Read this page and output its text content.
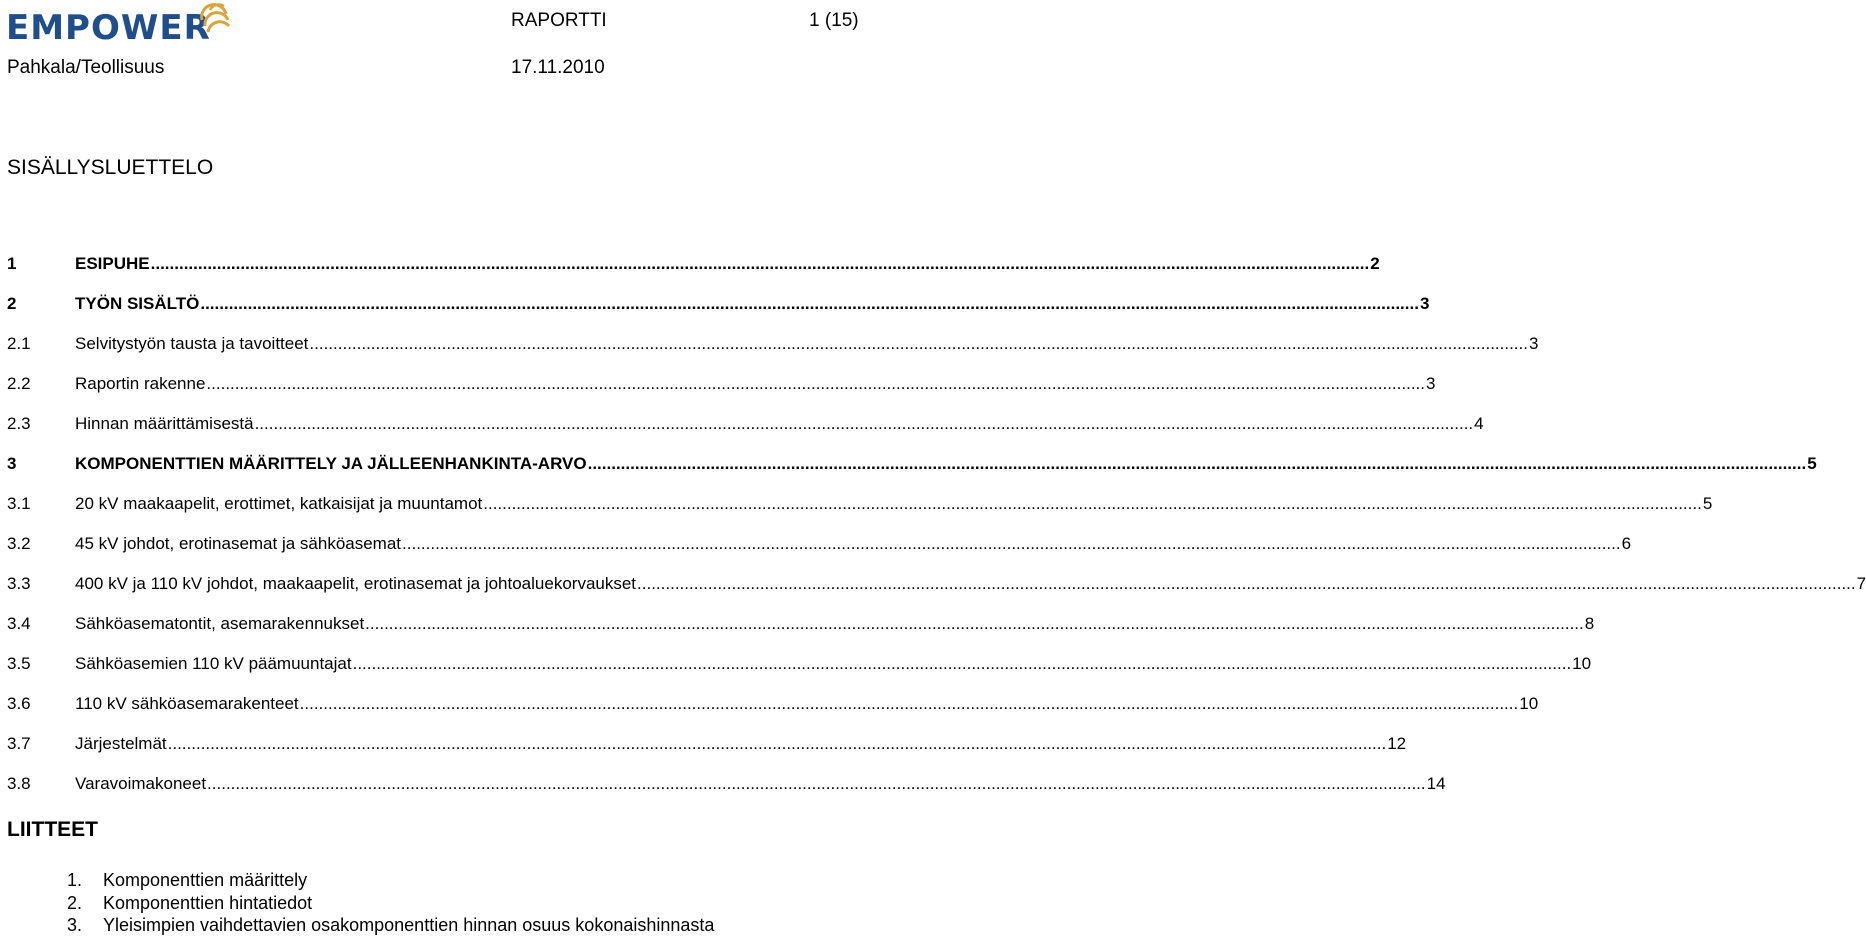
EMPOWER	RAPORTTI	1 (15)
Pahkala/Teollisuus	17.11.2010
SISÄLLYSLUETTELO
1	ESIPUHE .....	2
2	TYÖN SISÄLTÖ .....	3
2.1	Selvitystyön tausta ja tavoitteet .....	3
2.2	Raportin rakenne .....	3
2.3	Hinnan määrittämisestä .....	4
3	KOMPONENTTIEN MÄÄRITTELY JA JÄLLEENHANKINTA-ARVO .....	5
3.1	20 kV maakaapelit, erottimet, katkaisijat ja muuntamot .....	5
3.2	45 kV johdot, erotinasemat ja sähköasemat .....	6
3.3	400 kV ja 110 kV johdot, maakaapelit, erotinasemat ja johtoaluekorvaukset .....	7
3.4	Sähköasematontit, asemarakennukset .....	8
3.5	Sähköasemien 110 kV päämuuntajat .....	10
3.6	110 kV sähköasemarakenteet .....	10
3.7	Järjestelmät .....	12
3.8	Varavoimakoneet .....	14
LIITTEET
1.	Komponenttien määrittely
2.	Komponenttien hintatiedot
3.	Yleisimpien vaihdettavien osakomponenttien hinnan osuus kokonaishinnasta
